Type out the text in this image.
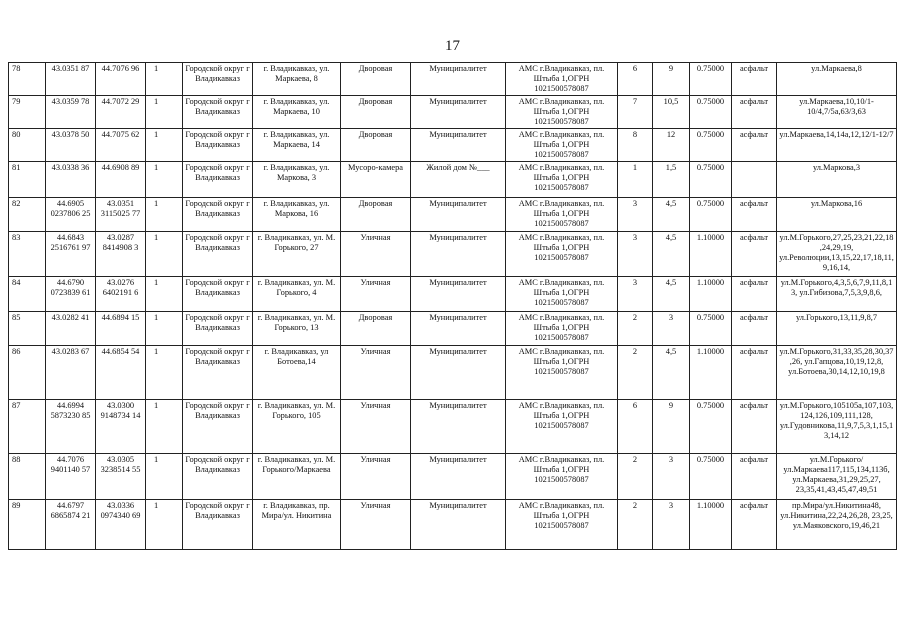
17
78	43.0351 87	44.7076 96	1	Городской округ г Владикавказ	г. Владикавказ, ул. Маркаева, 8	Дворовая	Муниципалитет	АМС г.Владикавказ, пл. Штыба 1,ОГРН 1021500578087	6	9	0.75000	асфальт	ул.Маркаева,8
79	43.0359 78	44.7072 29	1	Городской округ г Владикавказ	г. Владикавказ, ул. Маркаева, 10	Дворовая	Муниципалитет	АМС г.Владикавказ, пл. Штыба 1,ОГРН 1021500578087	7	10,5	0.75000	асфальт	ул.Маркаева,10,10/1-10/4,7/5а,63/3,63
80	43.0378 50	44.7075 62	1	Городской округ г Владикавказ	г. Владикавказ, ул. Маркаева, 14	Дворовая	Муниципалитет	АМС г.Владикавказ, пл. Штыба 1,ОГРН 1021500578087	8	12	0.75000	асфальт	ул.Маркаева,14,14а,12,12/1-12/7
81	43.0338 36	44.6908 89	1	Городской округ г Владикавказ	г. Владикавказ, ул. Маркова, 3	Мусоро-камера	Жилой дом №___	АМС г.Владикавказ, пл. Штыба 1,ОГРН 1021500578087	1	1,5	0.75000		ул.Маркова,3
82	44.6905 0237806 25	43.0351 3115025 77	1	Городской округ г Владикавказ	г. Владикавказ, ул. Маркова, 16	Дворовая	Муниципалитет	АМС г.Владикавказ, пл. Штыба 1,ОГРН 1021500578087	3	4,5	0.75000	асфальт	ул.Маркова,16
83	44.6843 2516761 97	43.0287 8414908 3	1	Городской округ г Владикавказ	г. Владикавказ, ул. М. Горького, 27	Уличная	Муниципалитет	АМС г.Владикавказ, пл. Штыба 1,ОГРН 1021500578087	3	4,5	1.10000	асфальт	ул.М.Горького,27,25,23,21,22,18,24,29,19, ул.Революции,13,15,22,17,18,11,9,16,14,
84	44.6790 0723839 61	43.0276 6402191 6	1	Городской округ г Владикавказ	г. Владикавказ, ул. М. Горького, 4	Уличная	Муниципалитет	АМС г.Владикавказ, пл. Штыба 1,ОГРН 1021500578087	3	4,5	1.10000	асфальт	ул.М.Горького,4,3,5,6,7,9,11,8,13, ул.Гибизова,7,5,3,9,8,6,
85	43.0282 41	44.6894 15	1	Городской округ г Владикавказ	г. Владикавказ, ул. М. Горького, 13	Дворовая	Муниципалитет	АМС г.Владикавказ, пл. Штыба 1,ОГРН 1021500578087	2	3	0.75000	асфальт	ул.Горького,13,11,9,8,7
86	43.0283 67	44.6854 54	1	Городской округ г Владикавказ	г. Владикавказ, ул Ботоева,14	Уличная	Муниципалитет	АМС г.Владикавказ, пл. Штыба 1,ОГРН 1021500578087	2	4,5	1.10000	асфальт	ул.М.Горького,31,33,35,28,30,37,26, ул.Гапцова,10,19,12,8, ул.Ботоева,30,14,12,10,19,8
87	44.6994 5873230 85	43.0300 9148734 14	1	Городской округ г Владикавказ	г. Владикавказ, ул. М. Горького, 105	Уличная	Муниципалитет	АМС г.Владикавказ, пл. Штыба 1,ОГРН 1021500578087	6	9	0.75000	асфальт	ул.М.Горького,105105а,107,103,124,126,109,111,128, ул.Гудовникова,11,9,7,5,3,1,15,13,14,12
88	44.7076 9401140 57	43.0305 3238514 55	1	Городской округ г Владикавказ	г. Владикавказ, ул. М. Горького/Маркаева	Уличная	Муниципалитет	АМС г.Владикавказ, пл. Штыба 1,ОГРН 1021500578087	2	3	0.75000	асфальт	ул.М.Горького/ул.Маркаева117,115,134,113б, ул.Маркаева,31,29,25,27, 23,35,41,43,45,47,49,51
89	44.6797 6865874 21	43.0336 0974340 69	1	Городской округ г Владикавказ	г. Владикавказ, пр. Мира/ул. Никитина	Уличная	Муниципалитет	АМС г.Владикавказ, пл. Штыба 1,ОГРН 1021500578087	2	3	1.10000	асфальт	пр.Мира/ул.Никитина48, ул.Никитина,22,24,26,28, 23,25, ул.Маяковского,19,46,21
